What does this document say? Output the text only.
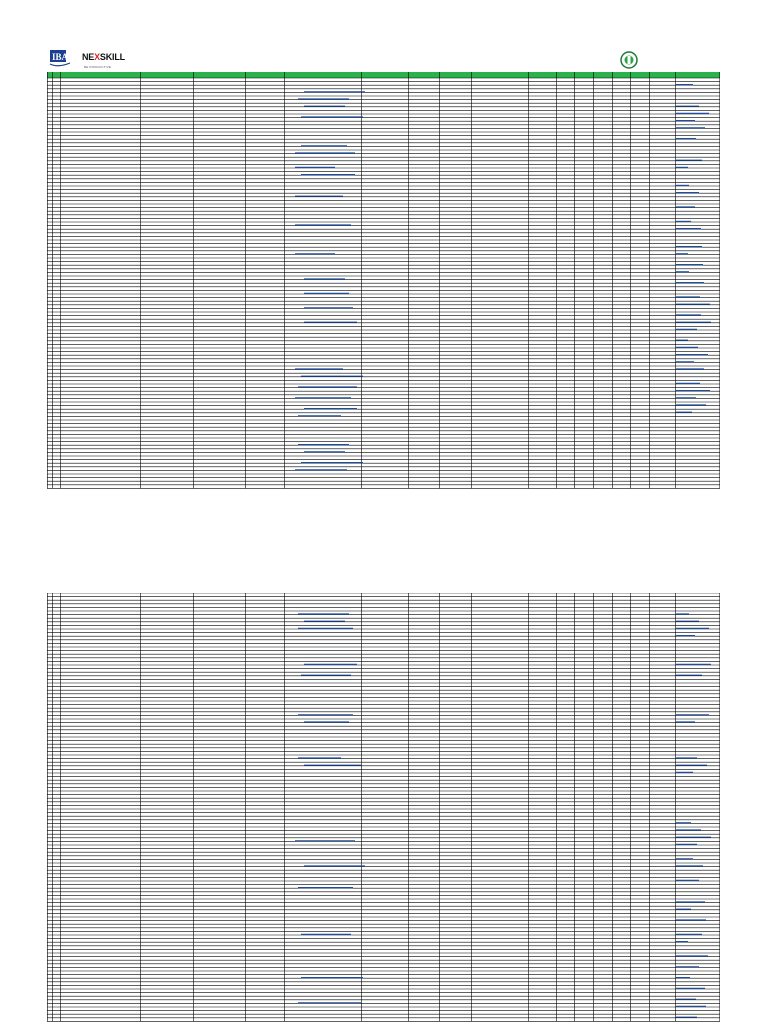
IBA NEXSKILL
BE PRODUCTIVE
